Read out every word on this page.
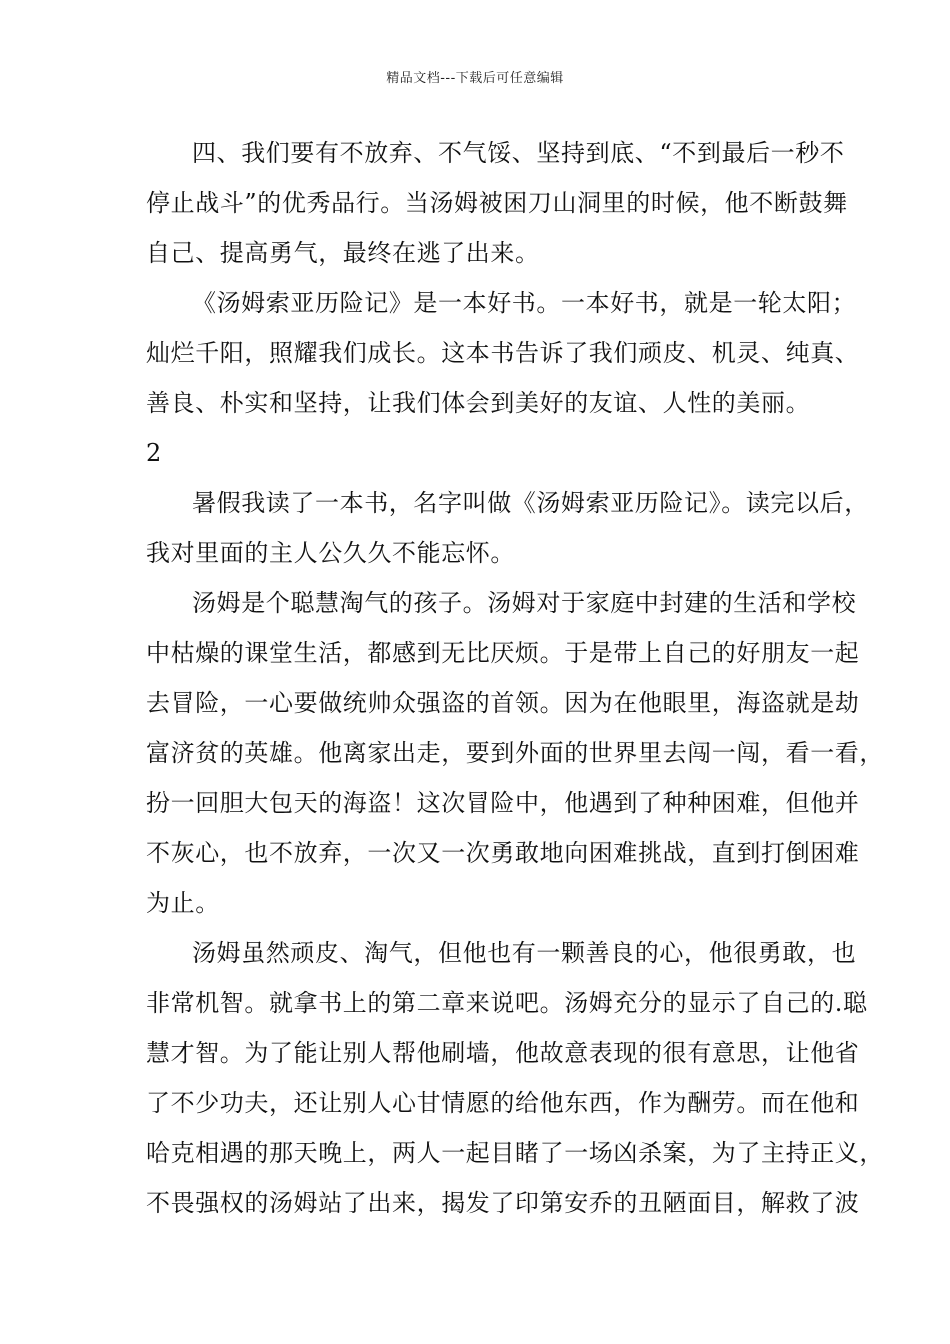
精品文档---下载后可任意编辑
四、我们要有不放弃、不气馁、坚持到底、“不到最后一秒不
停止战斗”的优秀品行。当汤姆被困刀山洞里的时候，他不断鼓舞
自己、提高勇气，最终在逃了出来。
《汤姆索亚历险记》是一本好书。一本好书，就是一轮太阳；
灿烂千阳，照耀我们成长。这本书告诉了我们顽皮、机灵、纯真、
善良、朴实和坚持，让我们体会到美好的友谊、人性的美丽。
2
暑假我读了一本书，名字叫做《汤姆索亚历险记》。读完以后，
我对里面的主人公久久不能忘怀。
汤姆是个聪慧淘气的孩子。汤姆对于家庭中封建的生活和学校
中枯燥的课堂生活，都感到无比厌烦。于是带上自己的好朋友一起
去冒险，一心要做统帅众强盗的首领。因为在他眼里，海盗就是劫
富济贫的英雄。他离家出走，要到外面的世界里去闯一闯，看一看，
扮一回胆大包天的海盗！这次冒险中，他遇到了种种困难，但他并
不灰心，也不放弃，一次又一次勇敢地向困难挑战，直到打倒困难
为止。
汤姆虽然顽皮、淘气，但他也有一颗善良的心，他很勇敢，也
非常机智。就拿书上的第二章来说吧。汤姆充分的显示了自己的.聪
慧才智。为了能让别人帮他刷墙，他故意表现的很有意思，让他省
了不少功夫，还让别人心甘情愿的给他东西，作为酬劳。而在他和
哈克相遇的那天晚上，两人一起目睹了一场凶杀案，为了主持正义，
不畏强权的汤姆站了出来，揭发了印第安乔的丑陋面目，解救了波
